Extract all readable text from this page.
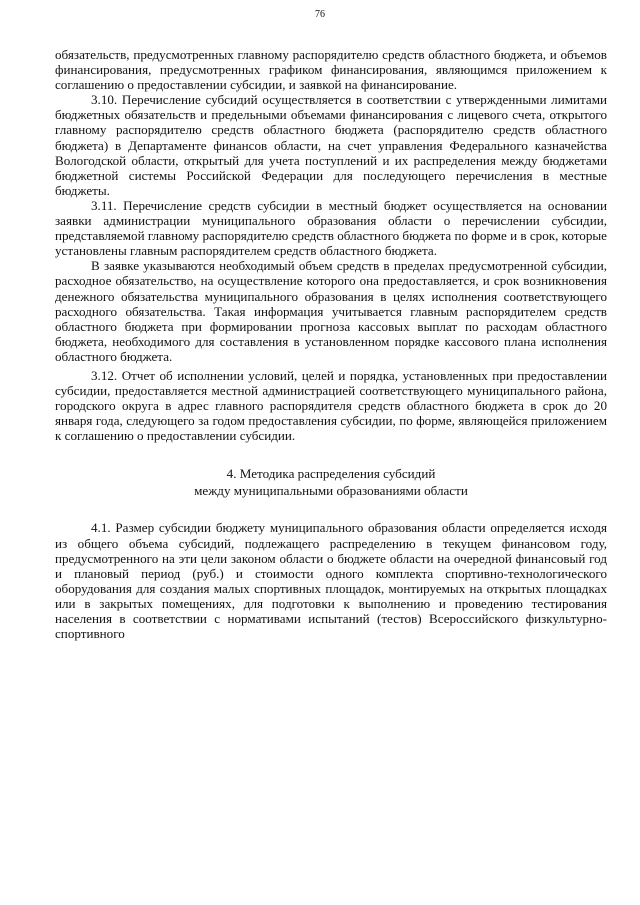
76

обязательств, предусмотренных главному распорядителю средств областного бюджета, и объемов финансирования, предусмотренных графиком финансирования, являющимся приложением к соглашению о предоставлении субсидии, и заявкой на финансирование.

3.10. Перечисление субсидий осуществляется в соответствии с утвержденными лимитами бюджетных обязательств и предельными объемами финансирования с лицевого счета, открытого главному распорядителю средств областного бюджета (распорядителю средств областного бюджета) в Департаменте финансов области, на счет управления Федерального казначейства Вологодской области, открытый для учета поступлений и их распределения между бюджетами бюджетной системы Российской Федерации для последующего перечисления в местные бюджеты.

3.11. Перечисление средств субсидии в местный бюджет осуществляется на основании заявки администрации муниципального образования области о перечислении субсидии, представляемой главному распорядителю средств областного бюджета по форме и в срок, которые установлены главным распорядителем средств областного бюджета.

В заявке указываются необходимый объем средств в пределах предусмотренной субсидии, расходное обязательство, на осуществление которого она предоставляется, и срок возникновения денежного обязательства муниципального образования в целях исполнения соответствующего расходного обязательства. Такая информация учитывается главным распорядителем средств областного бюджета при формировании прогноза кассовых выплат по расходам областного бюджета, необходимого для составления в установленном порядке кассового плана исполнения областного бюджета.

3.12. Отчет об исполнении условий, целей и порядка, установленных при предоставлении субсидии, предоставляется местной администрацией соответствующего муниципального района, городского округа в адрес главного распорядителя средств областного бюджета в срок до 20 января года, следующего за годом предоставления субсидии, по форме, являющейся приложением к соглашению о предоставлении субсидии.

4. Методика распределения субсидий

между муниципальными образованиями области

4.1. Размер субсидии бюджету муниципального образования области определяется исходя из общего объема субсидий, подлежащего распределению в текущем финансовом году, предусмотренного на эти цели законом области о бюджете области на очередной финансовый год и плановый период (руб.) и стоимости одного комплекта спортивно-технологического оборудования для создания малых спортивных площадок, монтируемых на открытых площадках или в закрытых помещениях, для подготовки к выполнению и проведению тестирования населения в соответствии с нормативами испытаний (тестов) Всероссийского физкультурно-спортивного
